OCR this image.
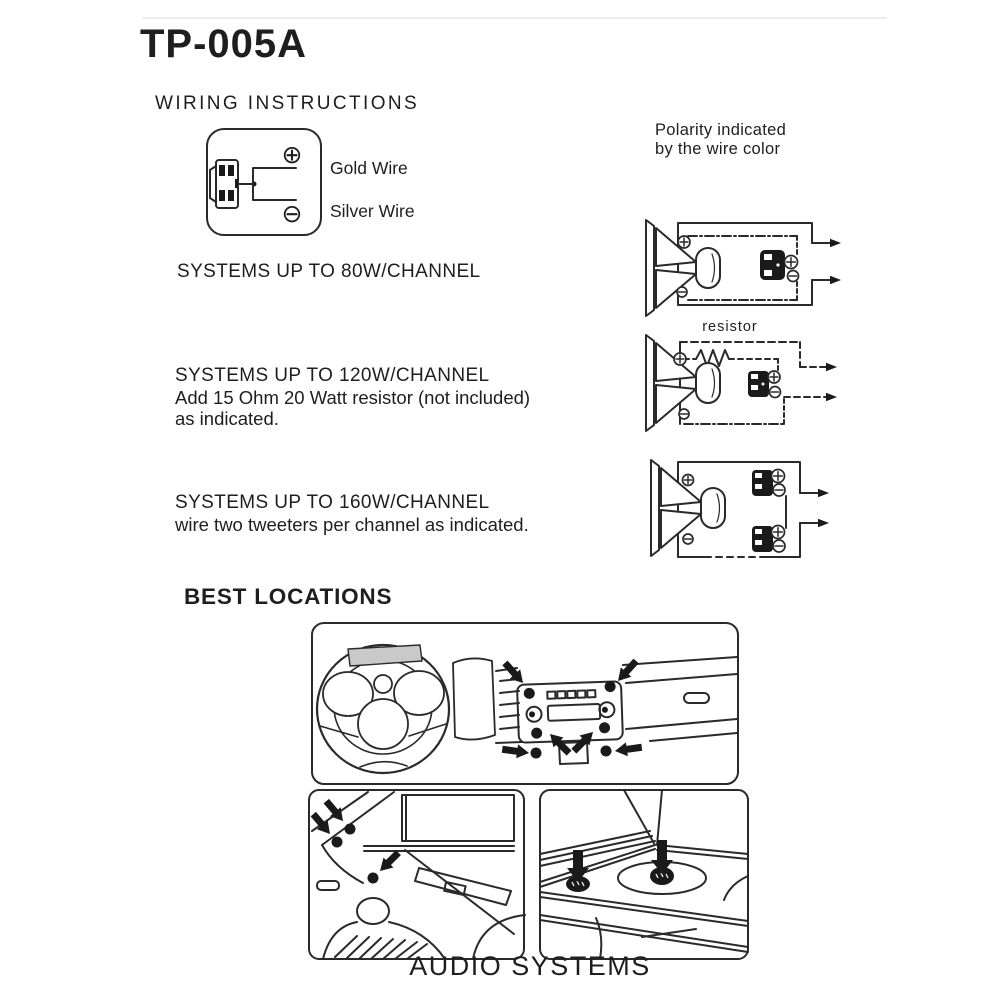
TP-005A
WIRING INSTRUCTIONS
⊕
⊖
Gold Wire
Silver Wire
Polarity indicated
by the wire color
SYSTEMS UP TO 80W/CHANNEL
SYSTEMS UP TO 120W/CHANNEL
Add 15 Ohm 20 Watt resistor (not included)
as indicated.
SYSTEMS UP TO 160W/CHANNEL
wire two tweeters per channel as indicated.
resistor
BEST LOCATIONS
AUDIO SYSTEMS
